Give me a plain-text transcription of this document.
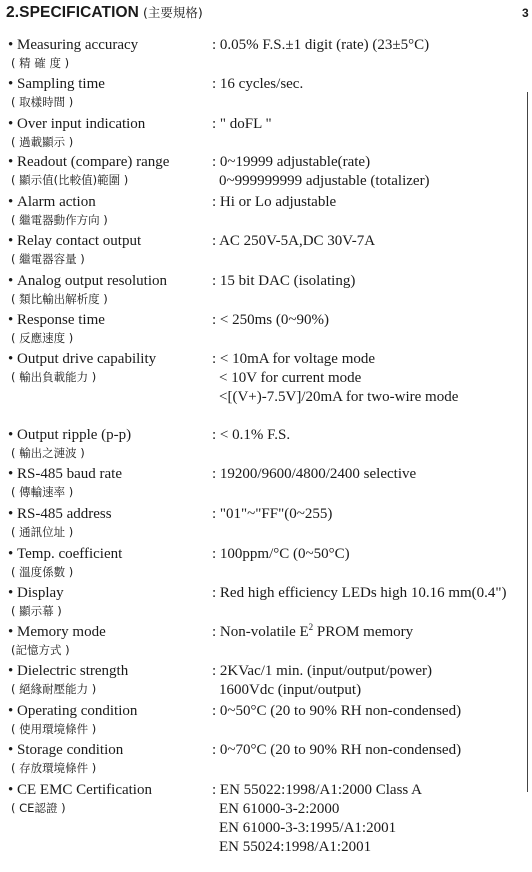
2.SPECIFICATION (主要規格)	3
• Measuring accuracy
( 精 確 度 )
: 0.05% F.S.±1 digit (rate) (23±5°C)
• Sampling time
( 取樣時間 )
: 16 cycles/sec.
• Over input indication
( 過載顯示 )
: " doFL "
• Readout (compare) range
( 顯示值(比較值)範圍 )
: 0~19999 adjustable(rate)
0~999999999 adjustable (totalizer)
• Alarm action
( 繼電器動作方向 )
: Hi or Lo adjustable
• Relay contact output
( 繼電器容量 )
: AC 250V-5A,DC 30V-7A
• Analog output resolution
( 類比輸出解析度 )
: 15 bit DAC (isolating)
• Response time
( 反應速度 )
: < 250ms (0~90%)
• Output drive capability
( 輸出負載能力 )
: < 10mA for voltage mode
< 10V for current mode
<[(V+)-7.5V]/20mA for two-wire mode
• Output ripple (p-p)
( 輸出之漣波 )
: < 0.1% F.S.
• RS-485 baud rate
( 傳輸速率 )
: 19200/9600/4800/2400 selective
• RS-485 address
( 通訊位址 )
: "01"~"FF"(0~255)
• Temp. coefficient
( 溫度係數 )
: 100ppm/°C (0~50°C)
• Display
( 顯示幕 )
: Red high efficiency LEDs high 10.16 mm(0.4")
• Memory mode
(記憶方式 )
: Non-volatile $E^2$ PROM memory
• Dielectric strength
( 絕緣耐壓能力 )
: 2KVac/1 min. (input/output/power)
1600Vdc (input/output)
• Operating condition
( 使用環境條件 )
: 0~50°C (20 to 90% RH non-condensed)
• Storage condition
( 存放環境條件 )
: 0~70°C (20 to 90% RH non-condensed)
• CE EMC Certification
( CE認證 )
: EN 55022:1998/A1:2000 Class A
EN 61000-3-2:2000
EN 61000-3-3:1995/A1:2001
EN 55024:1998/A1:2001
